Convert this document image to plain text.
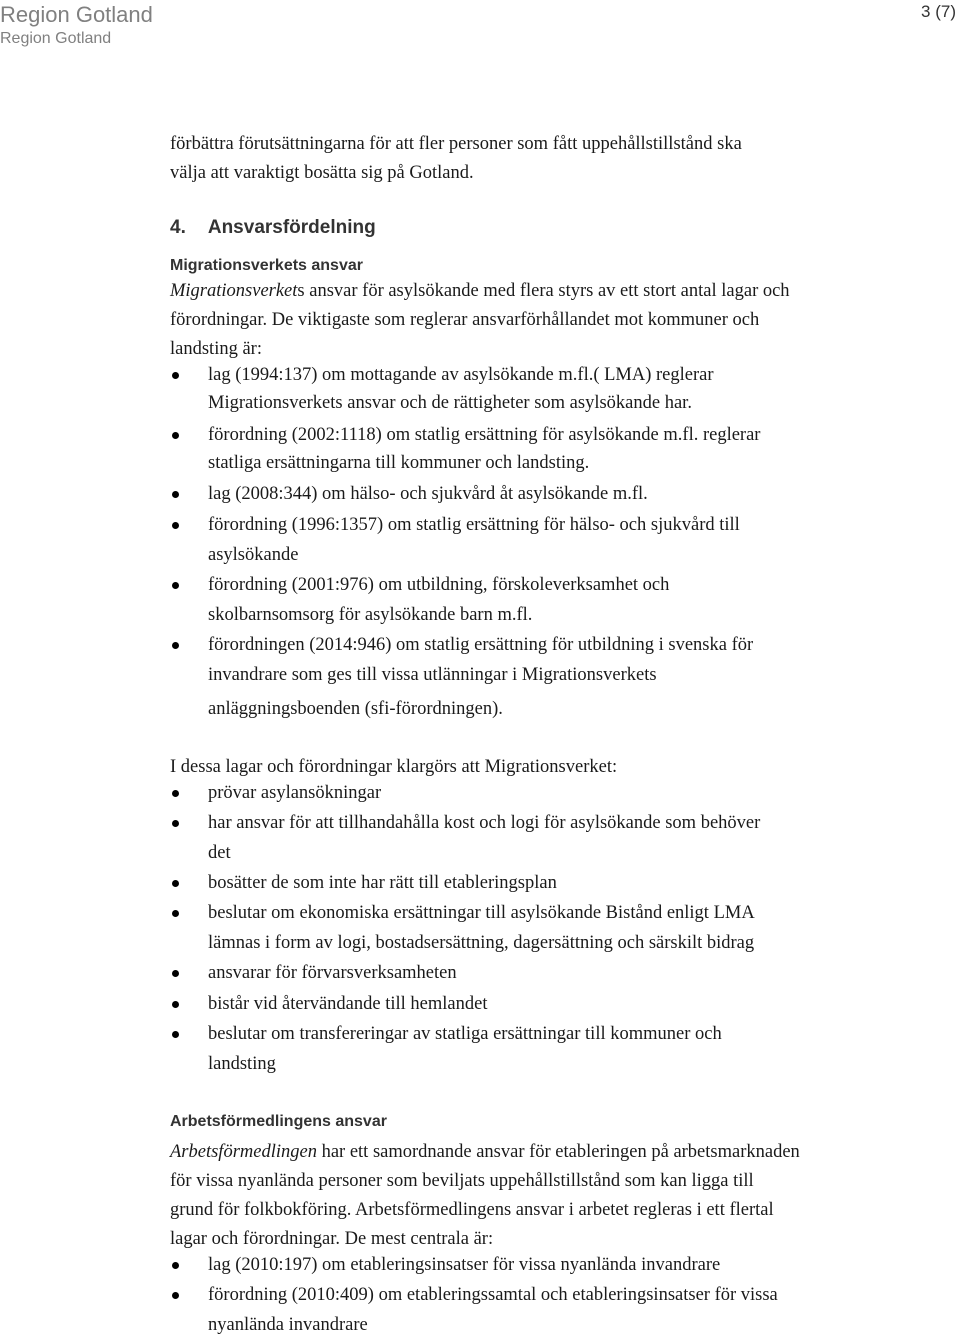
Region Gotland
Region Gotland
3 (7)
förbättra förutsättningarna för att fler personer som fått uppehållstillstånd ska
välja att varaktigt bosätta sig på Gotland.
4. Ansvarsfördelning
Migrationsverkets ansvar
Migrationsverkets ansvar för asylsökande med flera styrs av ett stort antal lagar och
förordningar. De viktigaste som reglerar ansvarförhållandet mot kommuner och
landsting är:
lag (1994:137) om mottagande av asylsökande m.fl.( LMA) reglerar
Migrationsverkets ansvar och de rättigheter som asylsökande har.
förordning (2002:1118) om statlig ersättning för asylsökande m.fl. reglerar
statliga ersättningarna till kommuner och landsting.
lag (2008:344) om hälso- och sjukvård åt asylsökande m.fl.
förordning (1996:1357) om statlig ersättning för hälso- och sjukvård till
asylsökande
förordning (2001:976) om utbildning, förskoleverksamhet och
skolbarnsomsorg för asylsökande barn m.fl.
förordningen (2014:946) om statlig ersättning för utbildning i svenska för
invandrare som ges till vissa utlänningar i Migrationsverkets
anläggningsboenden (sfi-förordningen).
I dessa lagar och förordningar klargörs att Migrationsverket:
prövar asylansökningar
har ansvar för att tillhandahålla kost och logi för asylsökande som behöver
det
bosätter de som inte har rätt till etableringsplan
beslutar om ekonomiska ersättningar till asylsökande Bistånd enligt LMA
lämnas i form av logi, bostadsersättning, dagersättning och särskilt bidrag
ansvarar för förvarsverksamheten
bistår vid återvändande till hemlandet
beslutar om transfereringar av statliga ersättningar till kommuner och
landsting
Arbetsförmedlingens ansvar
Arbetsförmedlingen har ett samordnande ansvar för etableringen på arbetsmarknaden
för vissa nyanlända personer som beviljats uppehållstillstånd som kan ligga till
grund för folkbokföring. Arbetsförmedlingens ansvar i arbetet regleras i ett flertal
lagar och förordningar. De mest centrala är:
lag (2010:197) om etableringsinsatser för vissa nyanlända invandrare
förordning (2010:409) om etableringssamtal och etableringsinsatser för vissa
nyanlända invandrare
